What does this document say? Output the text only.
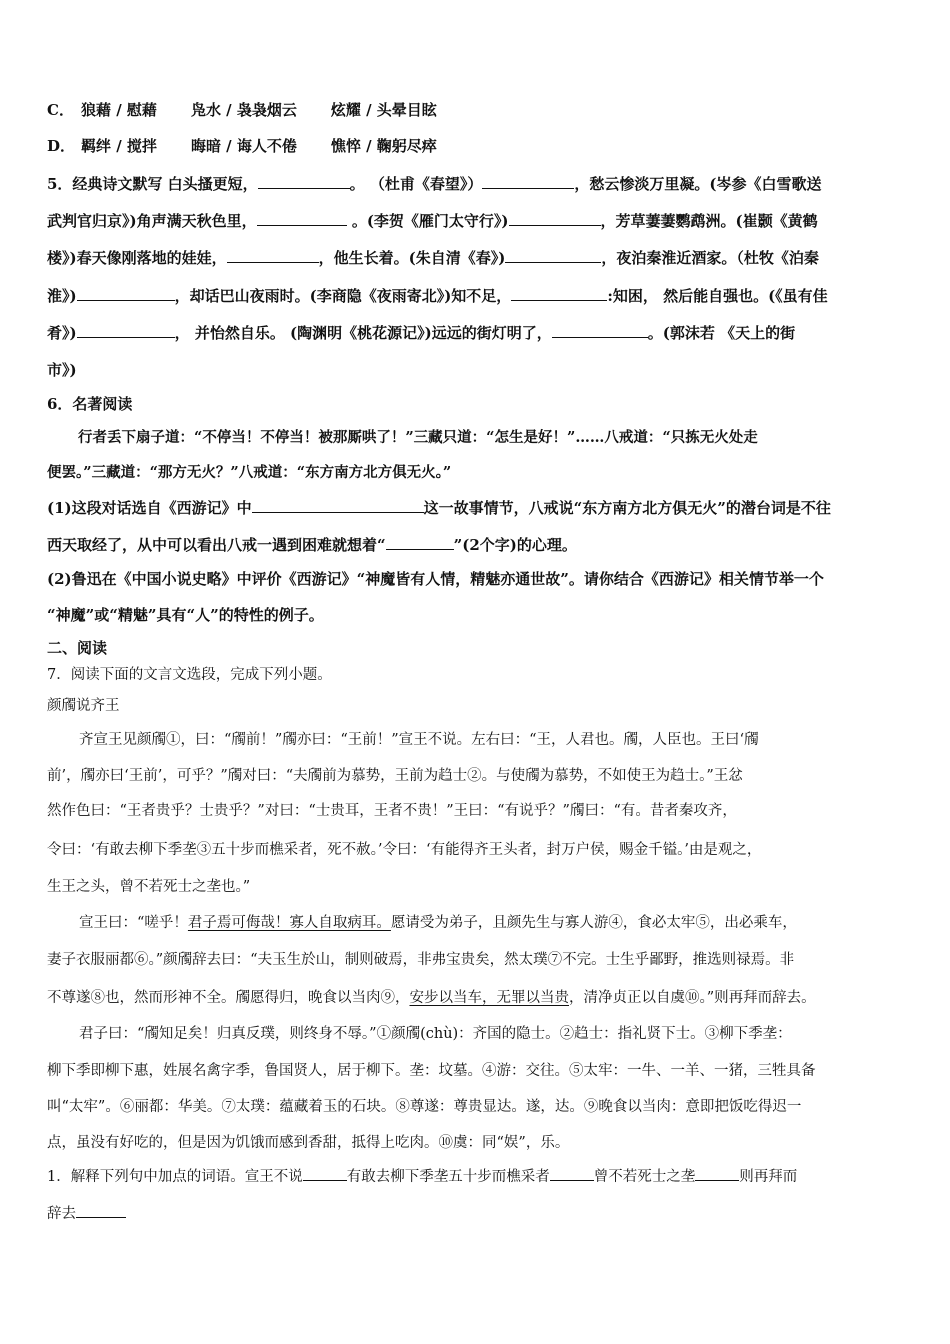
C． 狼藉 / 慰藉 凫水 / 袅袅烟云 炫耀 / 头晕目眩
D． 羁绊 / 搅拌 晦暗 / 诲人不倦 憔悴 / 鞠躬尽瘁
5．经典诗文默写 白头搔更短，	。 （杜甫《春望》）	，愁云惨淡万里凝。(岑参《白雪歌送
武判官归京》)角声满天秋色里，	。(李贺《雁门太守行》)	，芳草萋萋鹦鹉洲。(崔颢《黄鹤
楼》)春天像刚落地的娃娃，	，他生长着。(朱自清《春》)	，夜泊秦淮近酒家。（杜牧《泊秦
淮》)	，却话巴山夜雨时。(李商隐《夜雨寄北》)知不足，	:知困， 然后能自强也。(《虽有佳
肴》)	， 并怡然自乐。 (陶渊明《桃花源记》)远远的街灯明了，	。(郭沫若 《天上的街
市》)
6．名著阅读
行者丢下扇子道：“不停当！不停当！被那厮哄了！”三藏只道：“怎生是好！”……八戒道：“只拣无火处走
便罢。”三藏道：“那方无火？”八戒道：“东方南方北方俱无火。”
(1)这段对话选自《西游记》中	这一故事情节，八戒说“东方南方北方俱无火”的潜台词是不往
西天取经了，从中可以看出八戒一遇到困难就想着“	”(2个字)的心理。
(2)鲁迅在《中国小说史略》中评价《西游记》“神魔皆有人情，精魅亦通世故”。请你结合《西游记》相关情节举一个
“神魔”或“精魅”具有“人”的特性的例子。
二、阅读
7．阅读下面的文言文选段，完成下列小题。
颜斶说齐王
齐宣王见颜斶①，曰：“斶前！”斶亦曰：“王前！”宣王不说。左右曰：“王，人君也。斶，人臣也。王曰‘斶
前’，斶亦曰‘王前’，可乎？”斶对曰：“夫斶前为慕势，王前为趋士②。与使斶为慕势，不如使王为趋士。”王忿
然作色曰：“王者贵乎？士贵乎？”对曰：“士贵耳，王者不贵！”王曰：“有说乎？”斶曰：“有。昔者秦攻齐，
令曰：‘有敢去柳下季垄③五十步而樵采者，死不赦。’令曰：‘有能得齐王头者，封万户侯，赐金千镒。’由是观之，
生王之头，曾不若死士之垄也。”
宣王曰：“嗟乎！君子焉可侮哉！寡人自取病耳。愿请受为弟子，且颜先生与寡人游④，食必太牢⑤，出必乘车，
妻子衣服丽都⑥。”颜斶辞去曰：“夫玉生於山，制则破焉，非弗宝贵矣，然太璞⑦不完。士生乎鄙野，推选则禄焉。非
不尊遂⑧也，然而形神不全。斶愿得归，晚食以当肉⑨，安步以当车，无罪以当贵，清净贞正以自虞⑩。”则再拜而辞去。
君子曰：“斶知足矣！归真反璞，则终身不辱。”①颜斶(chù)：齐国的隐士。②趋士：指礼贤下士。③柳下季垄：
柳下季即柳下惠，姓展名禽字季，鲁国贤人，居于柳下。垄：坟墓。④游：交往。⑤太牢：一牛、一羊、一猪，三牲具备
叫“太牢”。⑥丽都：华美。⑦太璞：蕴藏着玉的石块。⑧尊遂：尊贵显达。遂，达。⑨晚食以当肉：意即把饭吃得迟一
点，虽没有好吃的，但是因为饥饿而感到香甜，抵得上吃肉。⑩虞：同“娱”，乐。
1．解释下列句中加点的词语。宣王不说	有敢去柳下季垄五十步而樵采者	曾不若死士之垄	则再拜而
辞去
